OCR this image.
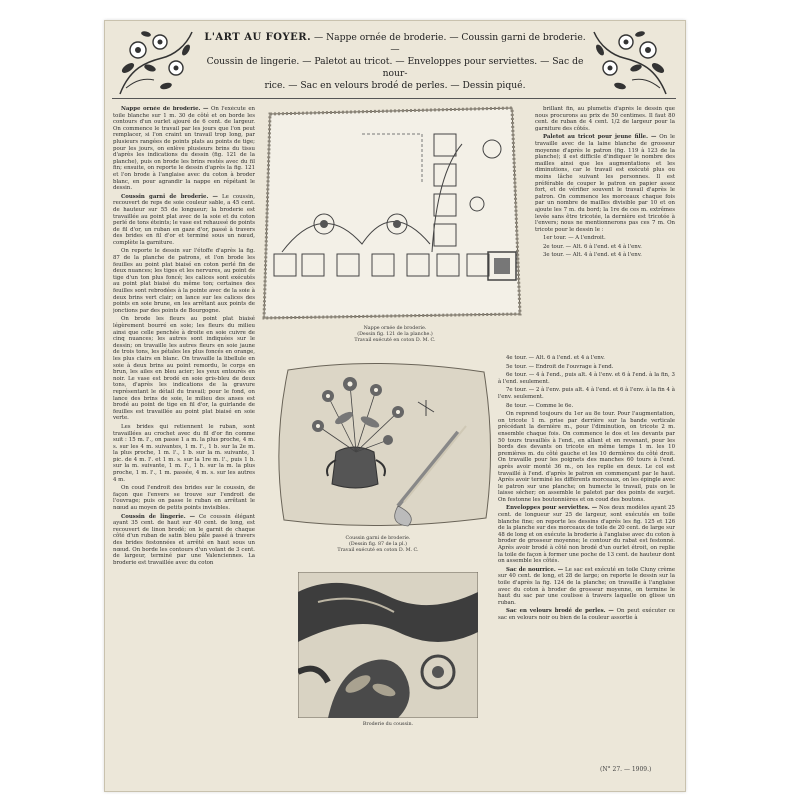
L'ART AU FOYER. — Nappe ornée de broderie. — Coussin garni de broderie. —
Coussin de lingerie. — Paletot au tricot. — Enveloppes pour serviettes. — Sac de nour-
rice. — Sac en velours brodé de perles. — Dessin piqué.

Nappe ornée de broderie. — On l'exécute en toile blanche sur 1 m. 30 de côté et on borde les contours d'un ourlet ajouré de 6 cent. de largeur. On commence le travail par les jours que l'on peut remplacer, si l'on craint un travail trop long, par plusieurs rangées de points plats au points de tige; pour les jours, on enlève plusieurs brins du tissu d'après les indications du dessin (fig. 121 de la planche), puis on brode les brins restés avec du fil fin; ensuite, on reporte le dessin d'après la fig. 121 et l'on brode à l'anglaise avec du coton à broder blanc, en pour agrandir la nappe en répétant le dessin.

Coussin garni de broderie. — Le coussin, recouvert de reps de soie couleur sable, a 45 cent. de hauteur sur 55 de longueur; la broderie est travaillée au point plat avec de la soie et du coton perlé de tons éteints; le vase est rehaussé de points de fil d'or, un ruban en gaze d'or, passé à travers des brides en fil d'or et terminé sous un nœud, complète la garniture.

On reporte le dessin sur l'étoffe d'après la fig. 87 de la planche de patrons, et l'on brode les feuilles au point plat biaisé en coton perlé fin de deux nuances; les tiges et les nervures, au point de tige d'un ton plus foncé; les calices sont exécutés au point plat biaisé du même ton; certaines des feuilles sont rebrodées à la pointe avec de la soie à deux brins vert clair; on lance sur les calices des points en soie brune, en les arrêtant aux points de jonctions par des points de Bourgogne.

On brode les fleurs au point plat biaisé légèrement bourré en soie; les fleurs du milieu ainsi que celle penchée à droite en soie cuivre de cinq nuances; les autres sont indiquées sur le dessin; on travaille les autres fleurs en soie jaune de trois tons, les pétales les plus foncés en orange, les plus clairs en blanc. On travaille la libellule en soie à deux brins au point remordu, le corps en brun, les ailes en bleu acier; les yeux entourés en noir. Le vase est brodé en soie gris-bleu de deux tons, d'après les indications de la gravure représentant le détail du travail; pour le fond, on lance des brins de soie, le milieu des anses est brodé au point de tige en fil d'or, la guirlande de feuilles est travaillée au point plat biaisé en soie verte.

Les brides qui retiennent le ruban, sont travaillées au crochet avec du fil d'or fin comme suit : 15 m. l'., on passe 1 a m. la plus proche, 4 m. s. sur les 4 m. suivantes, 1 m. l'., 1 b. sur la 2e m. la plus proche, 1 m. l'., 1 b. sur la m. suivante, 1 pic. de 4 m. l'. et 1 m. s. sur la 1re m. l'., puis 1 b. sur la m. suivante, 1 m. l'., 1 b. sur la m. la plus proche, 1 m. l'., 1 m. passée, 4 m. s. sur les autres 4 m.

On coud l'endroit des brides sur le coussin, de façon que l'envers se trouve sur l'endroit de l'ouvrage; puis on passe le ruban en arrêtant le nœud au moyen de petits points invisibles.

Coussin de lingerie. — Ce coussin élégant ayant 35 cent. de haut sur 40 cent. de long, est recouvert de linon brodé; on le garnit de chaque côté d'un ruban de satin bleu pâle passé à travers des brides festonnées et arrêté en haut sous un nœud. On borde les contours d'un volant de 3 cent. de largeur, terminé par une Valenciennes. La broderie est travaillée avec du coton

Nappe ornée de broderie.
(Dessin fig. 121 de la planche.)
Travail exécuté en coton D. M. C.
Coussin garni de broderie.
(Dessin fig. 87 de la pl.)
Travail exécuté en coton D. M. C.
Broderie du coussin.

brillant fin, au plumetis d'après le dessin que nous procurons au prix de 50 centimes. Il faut 80 cent. de ruban de 4 cent. 1/2 de largeur pour la garniture des côtés.

Paletot au tricot pour jeune fille. — On le travaille avec de la laine blanche de grosseur moyenne d'après le patron (fig. 119 à 123 de la planche); il est difficile d'indiquer le nombre des mailles ainsi que les augmentations et les diminutions, car le travail est exécuté plus ou moins lâche suivant les personnes. Il est préférable de couper le patron en papier assez fort, et de vérifier souvent le travail d'après le patron. On commence les morceaux chaque fois par un nombre de mailles divisible par 10 et on ajoute les 7 m. du bord; la 1re de ces m. extrêmes levée sans être tricotée, la dernière est tricotée à l'envers; nous ne mentionnerons pas ces 7 m. On tricote pour le dessin le :

1er tour. — A l'endroit.

2e tour. — Alt. 6 à l'end. et 4 à l'env.

3e tour. — Alt. 4 à l'end. et 4 à l'env.

4e tour. — Alt. 6 à l'end. et 4 à l'env.

5e tour. — Endroit de l'ouvrage à l'end.

6e tour. — 4 à l'end., puis alt. 4 à l'env. et 6 à l'end. à la fin, 3 à l'end. seulement.

7e tour. — 2 à l'env. puis alt. 4 à l'end. et 6 à l'env. à la fin 4 à l'env. seulement.

8e tour. — Comme le 6e.

On reprend toujours du 1er au 8e tour. Pour l'augmentation, on tricote 1 m. prise par derrière sur la bande verticale précédant la dernière m., pour l'diminution, on tricote 2 m. ensemble chaque fois. On commence le dos et les devants par 50 tours travaillés à l'end., en allant et en revenant, pour les bords des devants on tricote en même temps 1 m. les 10 premières m. du côté gauche et les 10 dernières du côté droit. On travaille pour les poignets des manches 60 tours à l'end. après avoir monté 36 m., on les replie en deux. Le col est travaillé à l'end. d'après le patron en commençant par le haut. Après avoir terminé les différents morceaux, on les épingle avec le patron sur une planche; on humecte le travail, puis on le laisse sécher; on assemble le paletot par des points de surjet. On festonne les boutonnières et on coud des boutons.

Enveloppes pour serviettes. — Nos deux modèles ayant 25 cent. de longueur sur 25 de largeur, sont exécutés en toile blanche fine; on reporte les dessins d'après les fig. 125 et 126 de la planche sur des morceaux de toile de 20 cent. de large sur 48 de long et on exécute la broderie à l'anglaise avec du coton à broder de grosseur moyenne; le contour du rabat est festonné. Après avoir brodé à côté non brodé d'un ourlet étroit, on replie la toile de façon à former une poche de 13 cent. de hauteur dont on assemble les côtés.

Sac de nourrice. — Le sac est exécuté en toile Cluny crème sur 40 cent. de long, et 28 de large; on reporte le dessin sur la toile d'après la fig. 124 de la planche; on travaille à l'anglaise avec du coton à broder de grosseur moyenne, on termine le haut du sac par une coulisse à travers laquelle on glisse un ruban.

Sac en velours brodé de perles. — On peut exécuter ce sac en velours noir ou bien de la couleur assortie à

(N° 27. — 1909.)
